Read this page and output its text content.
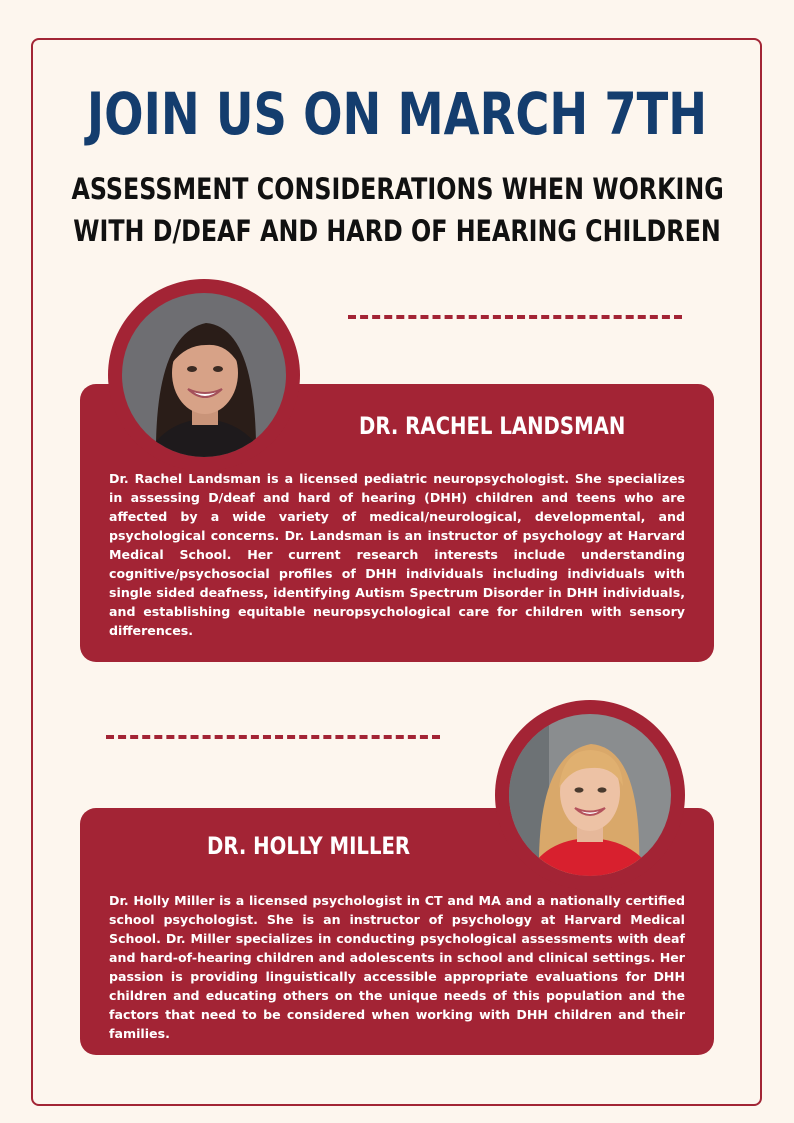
JOIN US ON MARCH 7TH
ASSESSMENT CONSIDERATIONS WHEN WORKING
WITH D/DEAF AND HARD OF HEARING CHILDREN
DR. RACHEL LANDSMAN
Dr. Rachel Landsman is a licensed pediatric neuropsychologist. She specializes in assessing D/deaf and hard of hearing (DHH) children and teens who are affected by a wide variety of medical/neurological, developmental, and psychological concerns. Dr. Landsman is an instructor of psychology at Harvard Medical School. Her current research interests include understanding cognitive/psychosocial profiles of DHH individuals including individuals with single sided deafness, identifying Autism Spectrum Disorder in DHH individuals, and establishing equitable neuropsychological care for children with sensory differences.
DR. HOLLY MILLER
Dr. Holly Miller is a licensed psychologist in CT and MA and a nationally certified school psychologist. She is an instructor of psychology at Harvard Medical School. Dr. Miller specializes in conducting psychological assessments with deaf and hard-of-hearing children and adolescents in school and clinical settings. Her passion is providing linguistically accessible appropriate evaluations for DHH children and educating others on the unique needs of this population and the factors that need to be considered when working with DHH children and their families.
